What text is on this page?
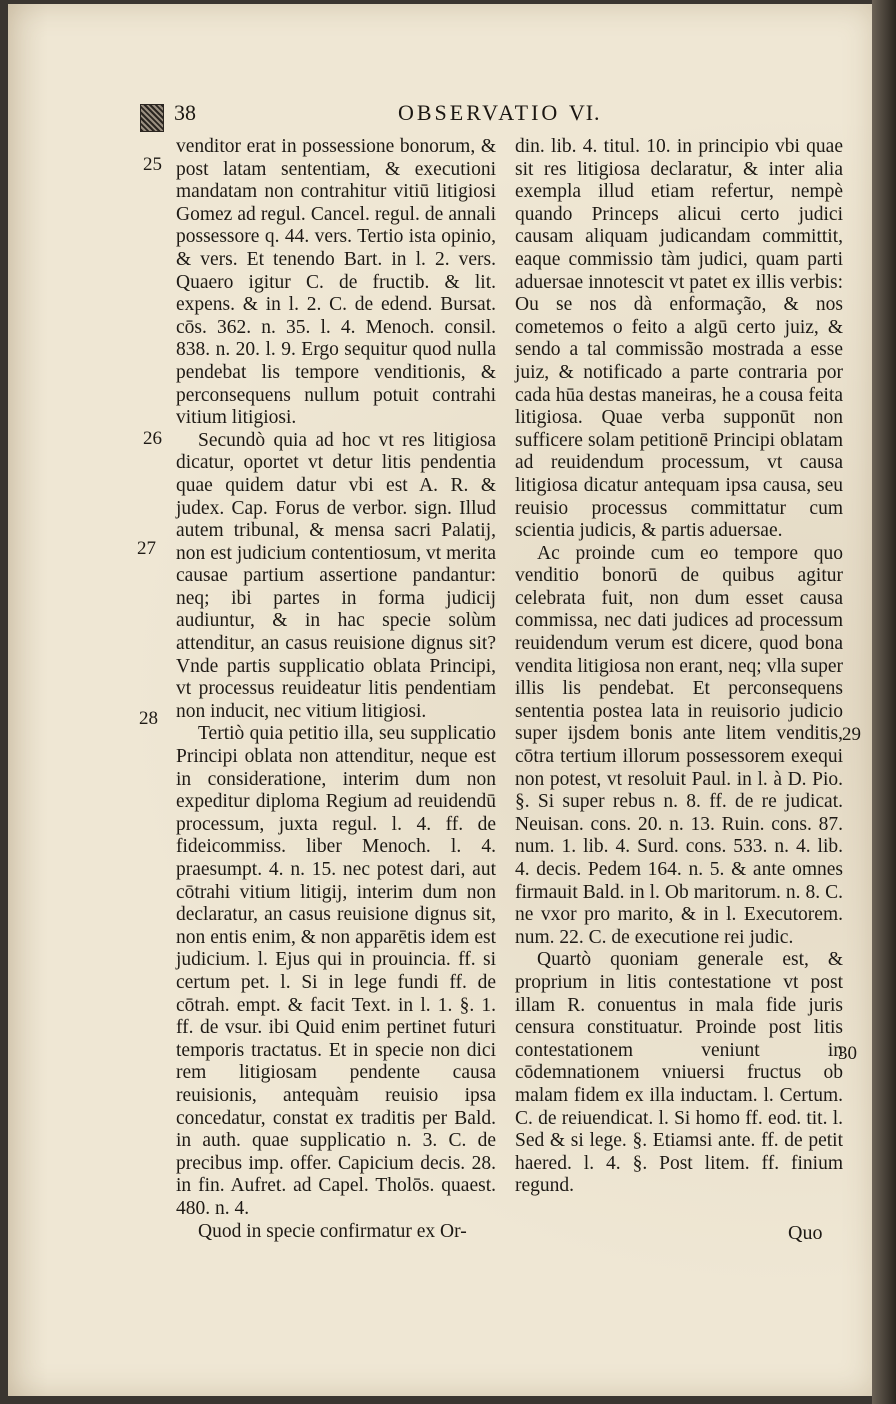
38	OBSERVATIO VI.
25
26
27
28
29
30

venditor erat in possessione bonorum, & post latam sententiam, & executioni mandatam non contrahitur vitiū litigiosi Gomez ad regul. Cancel. regul. de annali possessore q. 44. vers. Tertio ista opinio, & vers. Et tenendo Bart. in l. 2. vers. Quaero igitur C. de fructib. & lit. expens. & in l. 2. C. de edend. Bursat. cōs. 362. n. 35. l. 4. Menoch. consil. 838. n. 20. l. 9. Ergo sequitur quod nulla pendebat lis tempore venditionis, & perconsequens nullum potuit contrahi vitium litigiosi.

Secundò quia ad hoc vt res litigiosa dicatur, oportet vt detur litis pendentia quae quidem datur vbi est A. R. & judex. Cap. Forus de verbor. sign. Illud autem tribunal, & mensa sacri Palatij, non est judicium contentiosum, vt merita causae partium assertione pandantur: neq; ibi partes in forma judicij audiuntur, & in hac specie solùm attenditur, an casus reuisione dignus sit? Vnde partis supplicatio oblata Principi, vt processus reuideatur litis pendentiam non inducit, nec vitium litigiosi.

Tertiò quia petitio illa, seu supplicatio Principi oblata non attenditur, neque est in consideratione, interim dum non expeditur diploma Regium ad reuidendū processum, juxta regul. l. 4. ff. de fideicommiss. liber Menoch. l. 4. praesumpt. 4. n. 15. nec potest dari, aut cōtrahi vitium litigij, interim dum non declaratur, an casus reuisione dignus sit, non entis enim, & non apparētis idem est judicium. l. Ejus qui in prouincia. ff. si certum pet. l. Si in lege fundi ff. de cōtrah. empt. & facit Text. in l. 1. §. 1. ff. de vsur. ibi Quid enim pertinet futuri temporis tractatus. Et in specie non dici rem litigiosam pendente causa reuisionis, antequàm reuisio ipsa concedatur, constat ex traditis per Bald. in auth. quae supplicatio n. 3. C. de precibus imp. offer. Capicium decis. 28. in fin. Aufret. ad Capel. Tholōs. quaest. 480. n. 4.

Quod in specie confirmatur ex Or-

din. lib. 4. titul. 10. in principio vbi quae sit res litigiosa declaratur, & inter alia exempla illud etiam refertur, nempè quando Princeps alicui certo judici causam aliquam judicandam committit, eaque commissio tàm judici, quam parti aduersae innotescit vt patet ex illis verbis: Ou se nos dà enformação, & nos cometemos o feito a algū certo juiz, & sendo a tal commissão mostrada a esse juiz, & notificado a parte contraria por cada hūa destas maneiras, he a cousa feita litigiosa. Quae verba supponūt non sufficere solam petitionē Principi oblatam ad reuidendum processum, vt causa litigiosa dicatur antequam ipsa causa, seu reuisio processus committatur cum scientia judicis, & partis aduersae.

Ac proinde cum eo tempore quo venditio bonorū de quibus agitur celebrata fuit, non dum esset causa commissa, nec dati judices ad processum reuidendum verum est dicere, quod bona vendita litigiosa non erant, neq; vlla super illis lis pendebat. Et perconsequens sententia postea lata in reuisorio judicio super ijsdem bonis ante litem venditis, cōtra tertium illorum possessorem exequi non potest, vt resoluit Paul. in l. à D. Pio. §. Si super rebus n. 8. ff. de re judicat. Neuisan. cons. 20. n. 13. Ruin. cons. 87. num. 1. lib. 4. Surd. cons. 533. n. 4. lib. 4. decis. Pedem 164. n. 5. & ante omnes firmauit Bald. in l. Ob maritorum. n. 8. C. ne vxor pro marito, & in l. Executorem. num. 22. C. de executione rei judic.

Quartò quoniam generale est, & proprium in litis contestatione vt post illam R. conuentus in mala fide juris censura constituatur. Proinde post litis contestationem veniunt in cōdemnationem vniuersi fructus ob malam fidem ex illa inductam. l. Certum. C. de reiuendicat. l. Si homo ff. eod. tit. l. Sed & si lege. §. Etiamsi ante. ff. de petit haered. l. 4. §. Post litem. ff. finium regund.

Quo
